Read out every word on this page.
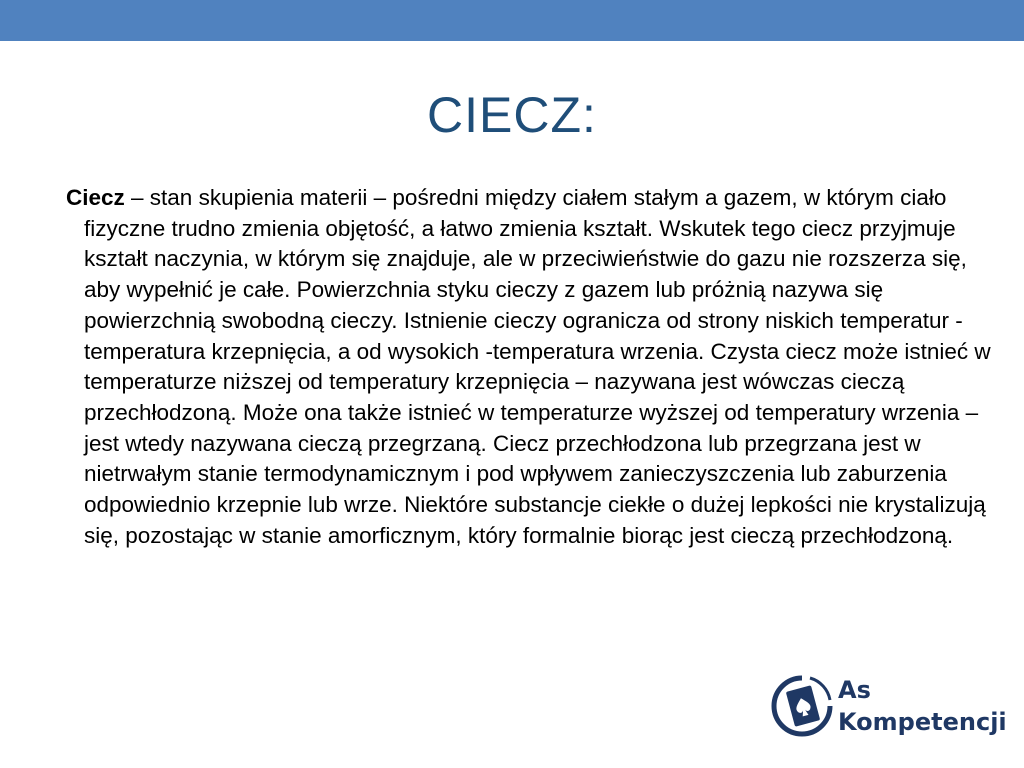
CIECZ:
Ciecz – stan skupienia materii – pośredni między ciałem stałym a gazem, w którym ciało fizyczne trudno zmienia objętość, a łatwo zmienia kształt. Wskutek tego ciecz przyjmuje kształt naczynia, w którym się znajduje, ale w przeciwieństwie do gazu nie rozszerza się, aby wypełnić je całe. Powierzchnia styku cieczy z gazem lub próżnią nazywa się powierzchnią swobodną cieczy. Istnienie cieczy ogranicza od strony niskich temperatur -temperatura krzepnięcia, a od wysokich -temperatura wrzenia. Czysta ciecz może istnieć w temperaturze niższej od temperatury krzepnięcia – nazywana jest wówczas cieczą przechłodzoną. Może ona także istnieć w temperaturze wyższej od temperatury wrzenia – jest wtedy nazywana cieczą przegrzaną. Ciecz przechłodzona lub przegrzana jest w nietrwałym stanie termodynamicznym i pod wpływem zanieczyszczenia lub zaburzenia odpowiednio krzepnie lub wrze. Niektóre substancje ciekłe o dużej lepkości nie krystalizują się, pozostając w stanie amorficznym, który formalnie biorąc jest cieczą przechłodzoną.
As
Kompetencji
